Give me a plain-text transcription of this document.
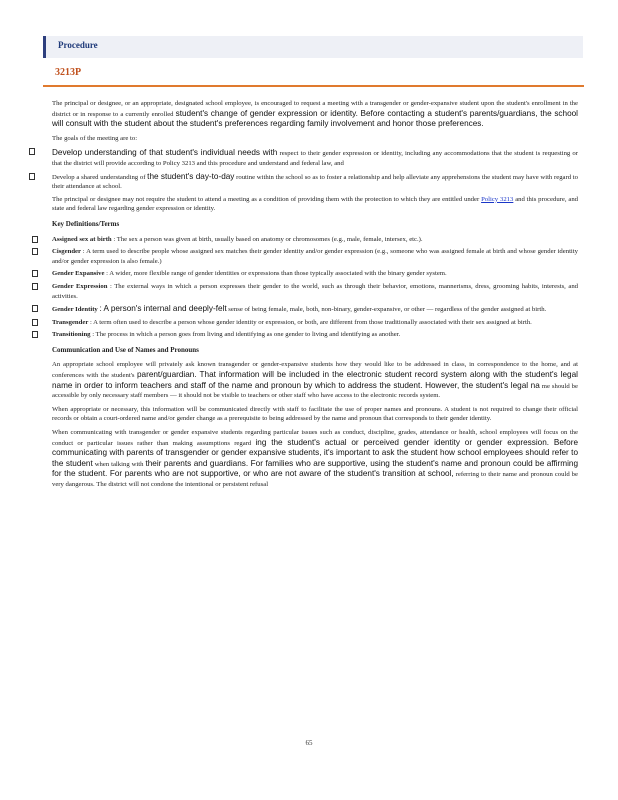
Procedure
3213P

The principal or designee, or an appropriate, designated school employee, is encouraged to request a meeting with a transgender or gender-expansive student upon the student's enrollment in the district or in response to a currently enrolled student's change of gender expression or identity. Before contacting a student's parents/guardians, the school will consult with the student about the student's preferences regarding family involvement and honor those preferences.

The goals of the meeting are to:

Develop understanding of that student's individual needs with respect to their gender expression or identity, including any accommodations that the student is requesting or that the district will provide according to Policy 3213 and this procedure and understand and federal law, and
Develop a shared understanding of the student's day-to-day routine within the school so as to foster a relationship and help alleviate any apprehensions the student may have with regard to their attendance at school.

The principal or designee may not require the student to attend a meeting as a condition of providing them with the protection to which they are entitled under Policy 3213 and this procedure, and state and federal law regarding gender expression or identity.

Key Definitions/Terms
Assigned sex at birth : The sex a person was given at birth, usually based on anatomy or chromosomes (e.g., male, female, intersex, etc.).
Cisgender : A term used to describe people whose assigned sex matches their gender identity and/or gender expression (e.g., someone who was assigned female at birth and whose gender identity and/or gender expression is also female.)
Gender Expansive : A wider, more flexible range of gender identities or expressions than those typically associated with the binary gender system.
Gender Expression : The external ways in which a person expresses their gender to the world, such as through their behavior, emotions, mannerisms, dress, grooming habits, interests, and activities.
Gender Identity : A person's internal and deeply-felt sense of being female, male, both, non-binary, gender-expansive, or other — regardless of the gender assigned at birth.
Transgender : A term often used to describe a person whose gender identity or expression, or both, are different from those traditionally associated with their sex assigned at birth.
Transitioning : The process in which a person goes from living and identifying as one gender to living and identifying as another.
Communication and Use of Names and Pronouns

An appropriate school employee will privately ask known transgender or gender-expansive students how they would like to be addressed in class, in correspondence to the home, and at conferences with the student's parent/guardian. That information will be included in the electronic student record system along with the student's legal name in order to inform teachers and staff of the name and pronoun by which to address the student. However, the student's legal na me should be accessible by only necessary staff members — it should not be visible to teachers or other staff who have access to the electronic records system.

When appropriate or necessary, this information will be communicated directly with staff to facilitate the use of proper names and pronouns. A student is not required to change their official records or obtain a court-ordered name and/or gender change as a prerequisite to being addressed by the name and pronoun that corresponds to their gender identity.

When communicating with transgender or gender expansive students regarding particular issues such as conduct, discipline, grades, attendance or health, school employees will focus on the conduct or particular issues rather than making assumptions regard ing the student's actual or perceived gender identity or gender expression. Before communicating with parents of transgender or gender expansive students, it's important to ask the student how school employees should refer to the student when talking with their parents and guardians. For families who are supportive, using the student's name and pronoun could be affirming for the student. For parents who are not supportive, or who are not aware of the student's transition at school, referring to their name and pronoun could be very dangerous. The district will not condone the intentional or persistent refusal

65
